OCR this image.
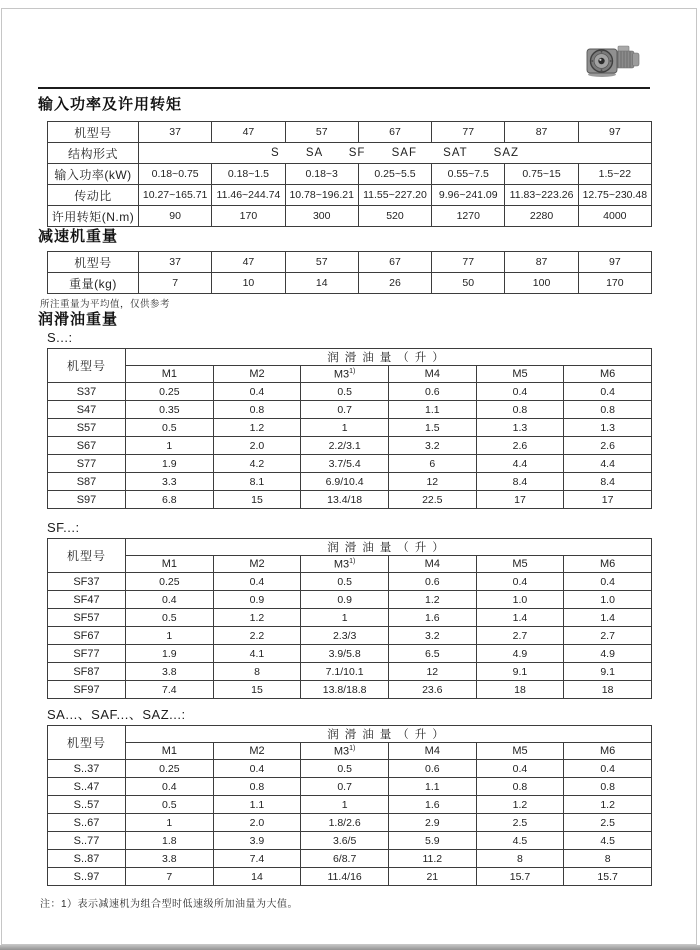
输入功率及许用转矩
机型号	37	47	57	67	77	87	97
结构形式	S SA SF SAF SAT SAZ						
输入功率(kW)	0.18~0.75	0.18~1.5	0.18~3	0.25~5.5	0.55~7.5	0.75~15	1.5~22
传动比	10.27~165.71	11.46~244.74	10.78~196.21	11.55~227.20	9.96~241.09	11.83~223.26	12.75~230.48
许用转矩(N.m)	90	170	300	520	1270	2280	4000
减速机重量
机型号	37	47	57	67	77	87	97
重量(kg)	7	10	14	26	50	100	170
所注重量为平均值，仅供参考
润滑油重量
S...:
机型号	润滑油量（升）					
	M1	M2	M3$^{1)}$	M4	M5	M6
S37	0.25	0.4	0.5	0.6	0.4	0.4
S47	0.35	0.8	0.7	1.1	0.8	0.8
S57	0.5	1.2	1	1.5	1.3	1.3
S67	1	2.0	2.2/3.1	3.2	2.6	2.6
S77	1.9	4.2	3.7/5.4	6	4.4	4.4
S87	3.3	8.1	6.9/10.4	12	8.4	8.4
S97	6.8	15	13.4/18	22.5	17	17
SF...:
机型号	润滑油量（升）					
	M1	M2	M3$^{1)}$	M4	M5	M6
SF37	0.25	0.4	0.5	0.6	0.4	0.4
SF47	0.4	0.9	0.9	1.2	1.0	1.0
SF57	0.5	1.2	1	1.6	1.4	1.4
SF67	1	2.2	2.3/3	3.2	2.7	2.7
SF77	1.9	4.1	3.9/5.8	6.5	4.9	4.9
SF87	3.8	8	7.1/10.1	12	9.1	9.1
SF97	7.4	15	13.8/18.8	23.6	18	18
SA...、SAF...、SAZ...:
机型号	润滑油量（升）					
	M1	M2	M3$^{1)}$	M4	M5	M6
S..37	0.25	0.4	0.5	0.6	0.4	0.4
S..47	0.4	0.8	0.7	1.1	0.8	0.8
S..57	0.5	1.1	1	1.6	1.2	1.2
S..67	1	2.0	1.8/2.6	2.9	2.5	2.5
S..77	1.8	3.9	3.6/5	5.9	4.5	4.5
S..87	3.8	7.4	6/8.7	11.2	8	8
S..97	7	14	11.4/16	21	15.7	15.7
注：1）表示减速机为组合型时低速级所加油量为大值。
